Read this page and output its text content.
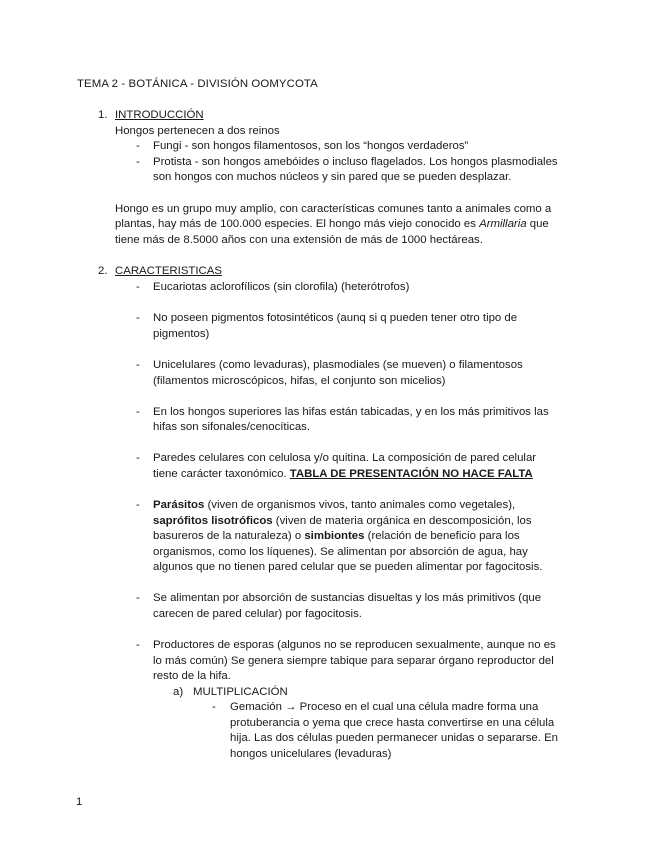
TEMA 2 - BOTÁNICA - DIVISIÓN OOMYCOTA
1. INTRODUCCIÓN
Hongos pertenecen a dos reinos
- Fungi - son hongos filamentosos, son los “hongos verdaderos”
- Protista - son hongos amebóides o incluso flagelados. Los hongos plasmodiales
son hongos con muchos núcleos y sin pared que se pueden desplazar.
Hongo es un grupo muy amplio, con características comunes tanto a animales como a
plantas, hay más de 100.000 especies. El hongo más viejo conocido es Armillaria que
tiene más de 8.5000 años con una extensión de más de 1000 hectáreas.
2. CARACTERISTICAS
- Eucariotas aclorofílicos (sin clorofila) (heterótrofos)
- No poseen pigmentos fotosintéticos (aunq si q pueden tener otro tipo de
pigmentos)
- Unicelulares (como levaduras), plasmodiales (se mueven) o filamentosos
(filamentos microscópicos, hifas, el conjunto son micelios)
- En los hongos superiores las hifas están tabicadas, y en los más primitivos las
hifas son sifonales/cenocíticas.
- Paredes celulares con celulosa y/o quitina. La composición de pared celular
tiene carácter taxonómico. TABLA DE PRESENTACIÓN NO HACE FALTA
- Parásitos (viven de organismos vivos, tanto animales como vegetales),
saprófitos lisotróficos (viven de materia orgánica en descomposición, los
basureros de la naturaleza) o simbiontes (relación de beneficio para los
organismos, como los líquenes). Se alimentan por absorción de agua, hay
algunos que no tienen pared celular que se pueden alimentar por fagocitosis.
- Se alimentan por absorción de sustancias disueltas y los más primitivos (que
carecen de pared celular) por fagocitosis.
- Productores de esporas (algunos no se reproducen sexualmente, aunque no es
lo más común) Se genera siempre tabique para separar órgano reproductor del
resto de la hifa.
a) MULTIPLICACIÓN
- Gemación → Proceso en el cual una célula madre forma una
protuberancia o yema que crece hasta convertirse en una célula
hija. Las dos células pueden permanecer unidas o separarse. En
hongos unicelulares (levaduras)
1
